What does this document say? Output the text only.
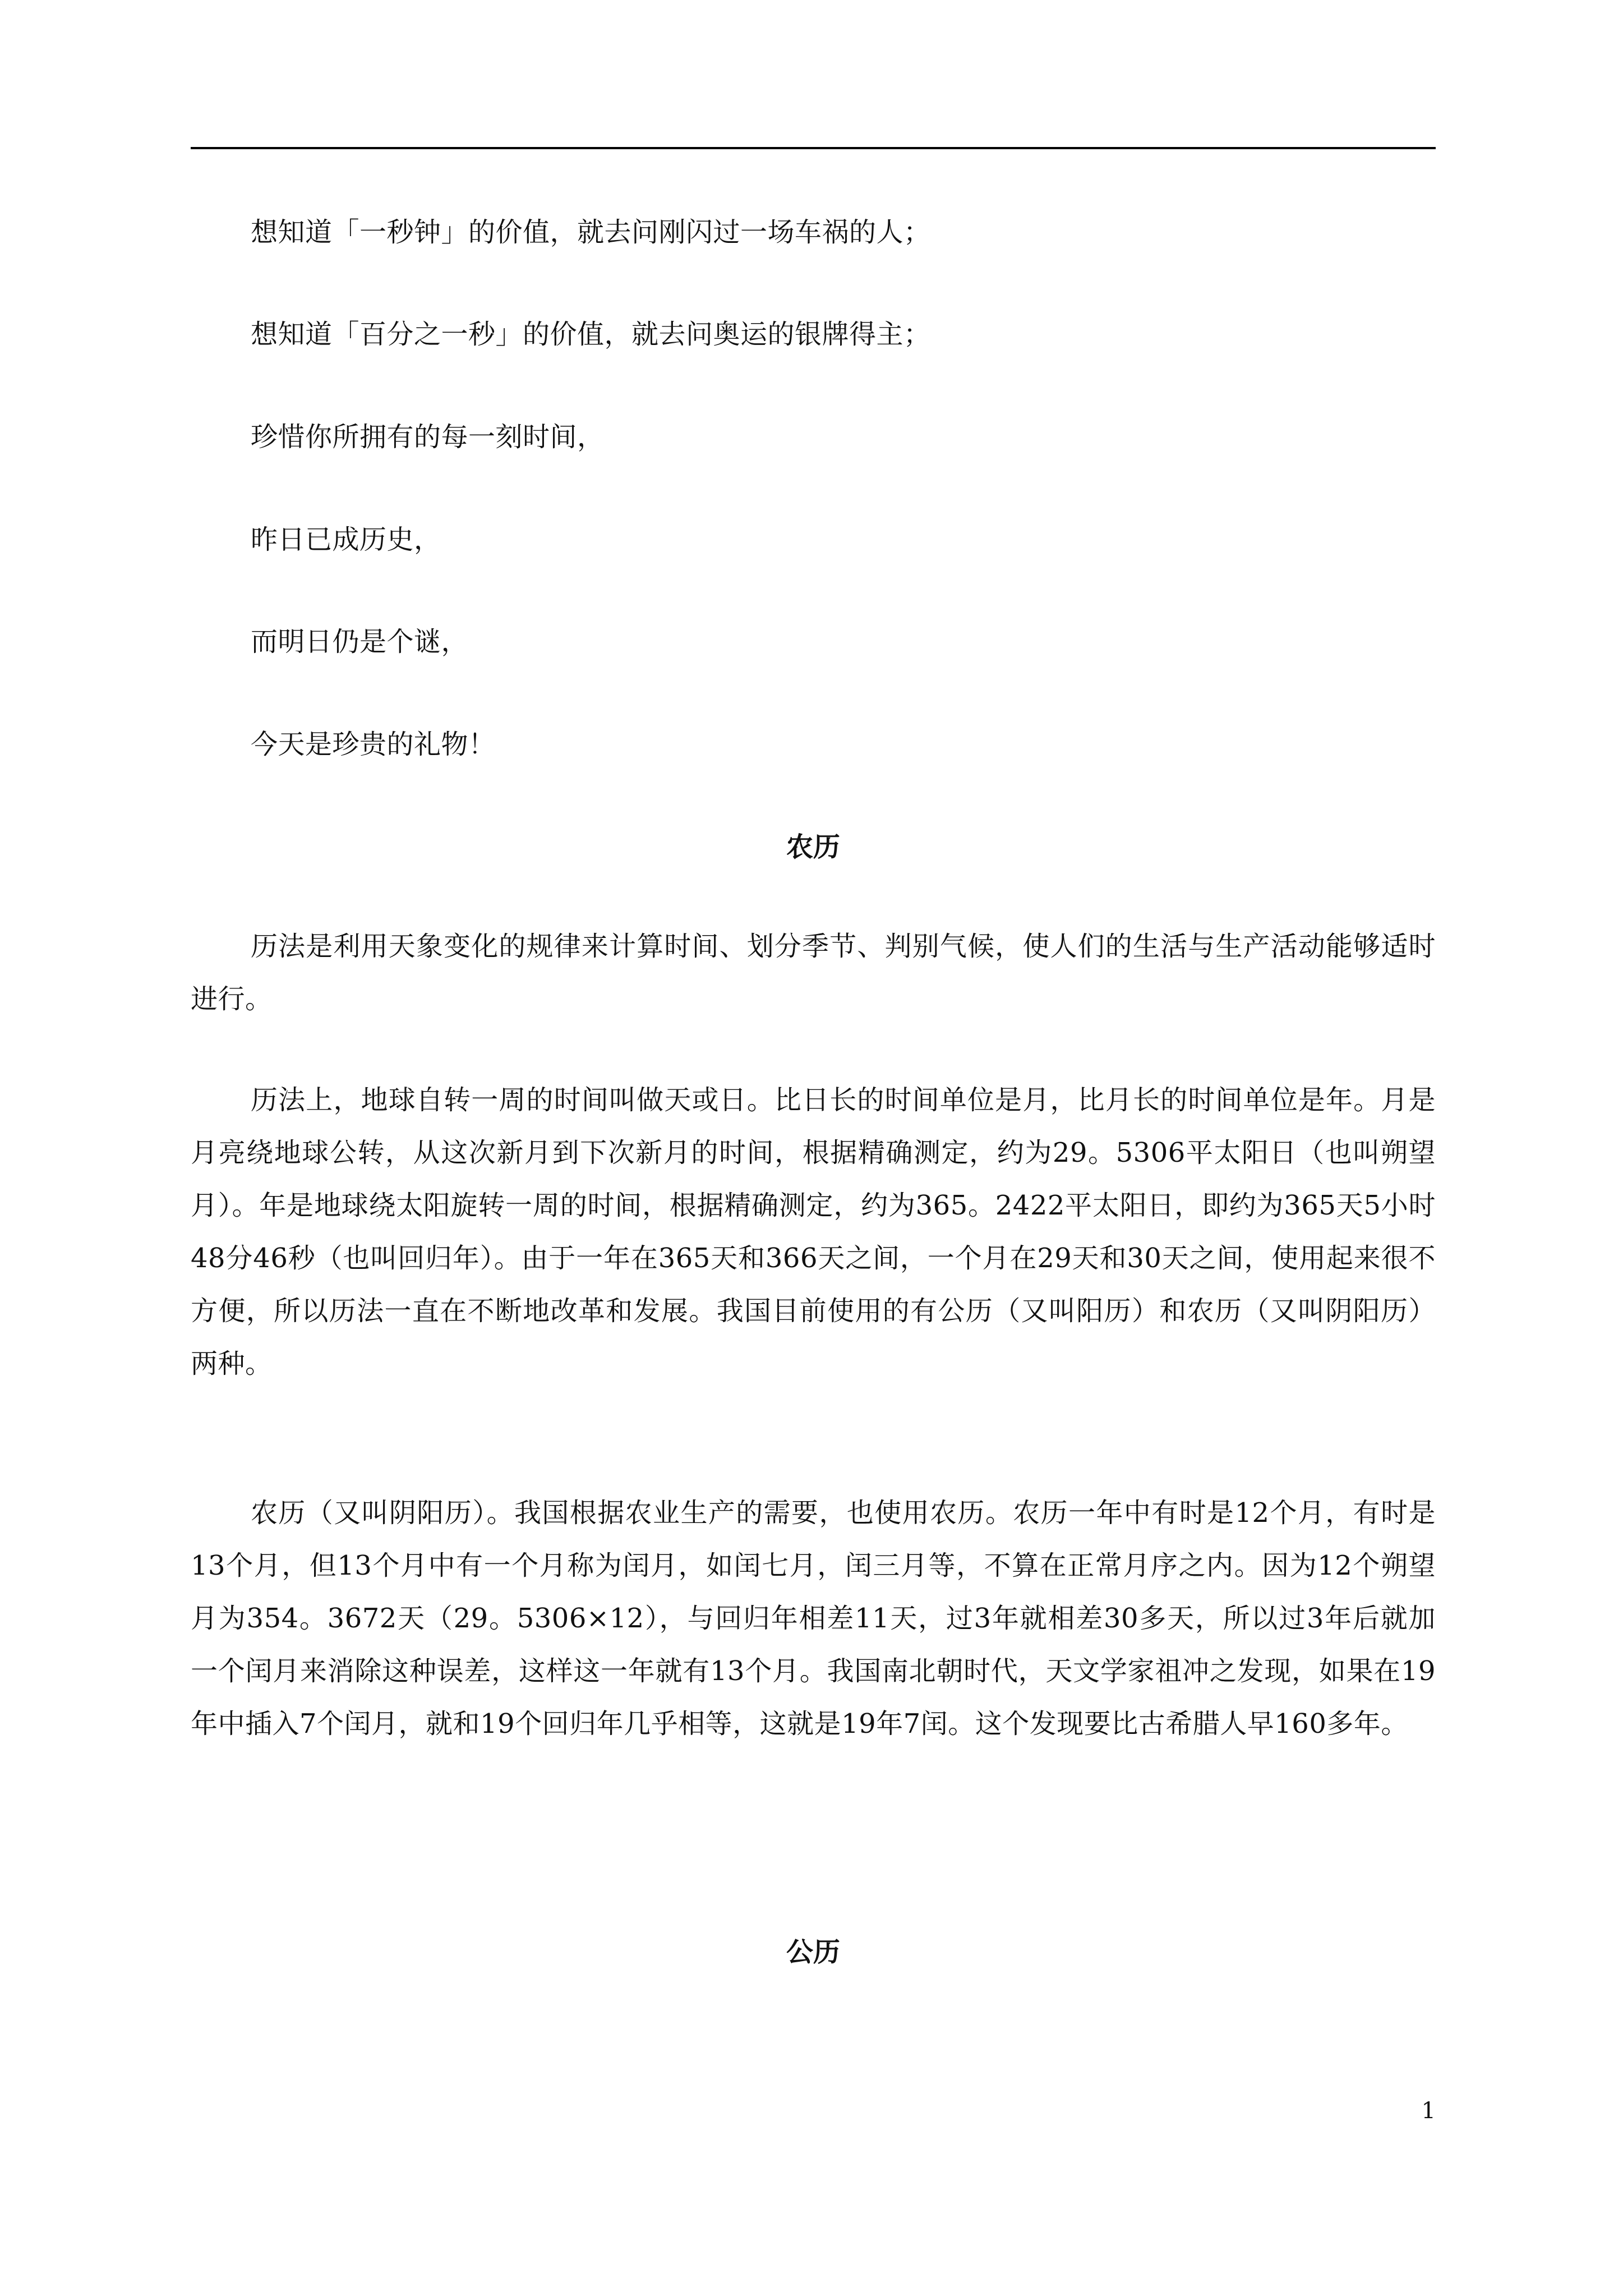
想知道「一秒钟」的价值，就去问刚闪过一场车祸的人；
想知道「百分之一秒」的价值，就去问奥运的银牌得主；
珍惜你所拥有的每一刻时间，
昨日已成历史，
而明日仍是个谜，
今天是珍贵的礼物！
农历

历法是利用天象变化的规律来计算时间、划分季节、判别气候，使人们的生活与生产活动能够适时进行。

历法上，地球自转一周的时间叫做天或日。比日长的时间单位是月，比月长的时间单位是年。月是月亮绕地球公转，从这次新月到下次新月的时间，根据精确测定，约为29。5306平太阳日（也叫朔望月）。年是地球绕太阳旋转一周的时间，根据精确测定，约为365。2422平太阳日，即约为365天5小时48分46秒（也叫回归年）。由于一年在365天和366天之间，一个月在29天和30天之间，使用起来很不方便，所以历法一直在不断地改革和发展。我国目前使用的有公历（又叫阳历）和农历（又叫阴阳历）两种。

农历（又叫阴阳历）。我国根据农业生产的需要，也使用农历。农历一年中有时是12个月，有时是13个月，但13个月中有一个月称为闰月，如闰七月，闰三月等，不算在正常月序之内。因为12个朔望月为354。3672天（29。5306×12），与回归年相差11天，过3年就相差30多天，所以过3年后就加一个闰月来消除这种误差，这样这一年就有13个月。我国南北朝时代，天文学家祖冲之发现，如果在19年中插入7个闰月，就和19个回归年几乎相等，这就是19年7闰。这个发现要比古希腊人早160多年。

公历
1
